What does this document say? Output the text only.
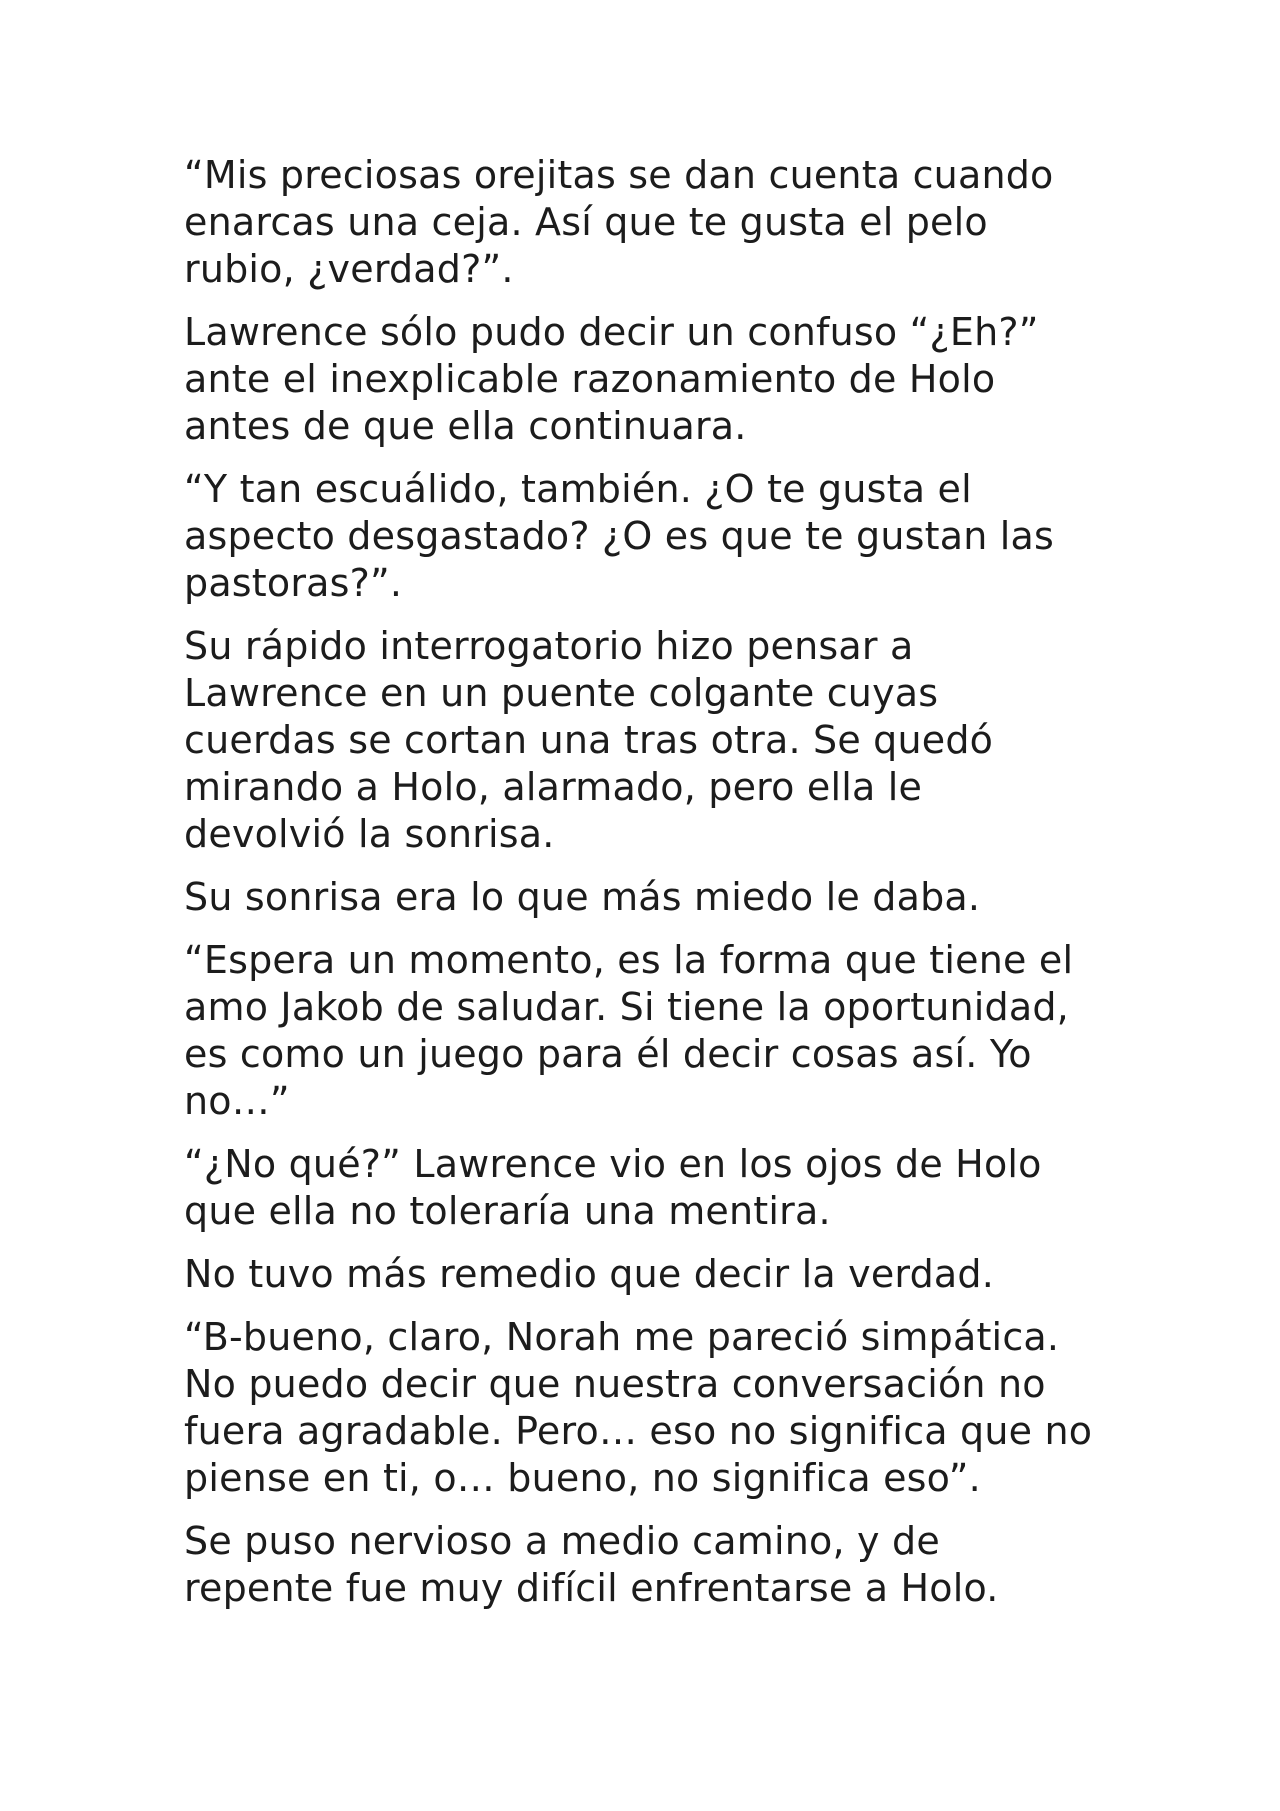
“Mis preciosas orejitas se dan cuenta cuando
enarcas una ceja. Así que te gusta el pelo
rubio, ¿verdad?”.

Lawrence sólo pudo decir un confuso “¿Eh?”
ante el inexplicable razonamiento de Holo
antes de que ella continuara.

“Y tan escuálido, también. ¿O te gusta el
aspecto desgastado? ¿O es que te gustan las
pastoras?”.

Su rápido interrogatorio hizo pensar a
Lawrence en un puente colgante cuyas
cuerdas se cortan una tras otra. Se quedó
mirando a Holo, alarmado, pero ella le
devolvió la sonrisa.

Su sonrisa era lo que más miedo le daba.

“Espera un momento, es la forma que tiene el
amo Jakob de saludar. Si tiene la oportunidad,
es como un juego para él decir cosas así. Yo
no…”

“¿No qué?” Lawrence vio en los ojos de Holo
que ella no toleraría una mentira.

No tuvo más remedio que decir la verdad.

“B-bueno, claro, Norah me pareció simpática.
No puedo decir que nuestra conversación no
fuera agradable. Pero… eso no significa que no
piense en ti, o… bueno, no significa eso”.

Se puso nervioso a medio camino, y de
repente fue muy difícil enfrentarse a Holo.
